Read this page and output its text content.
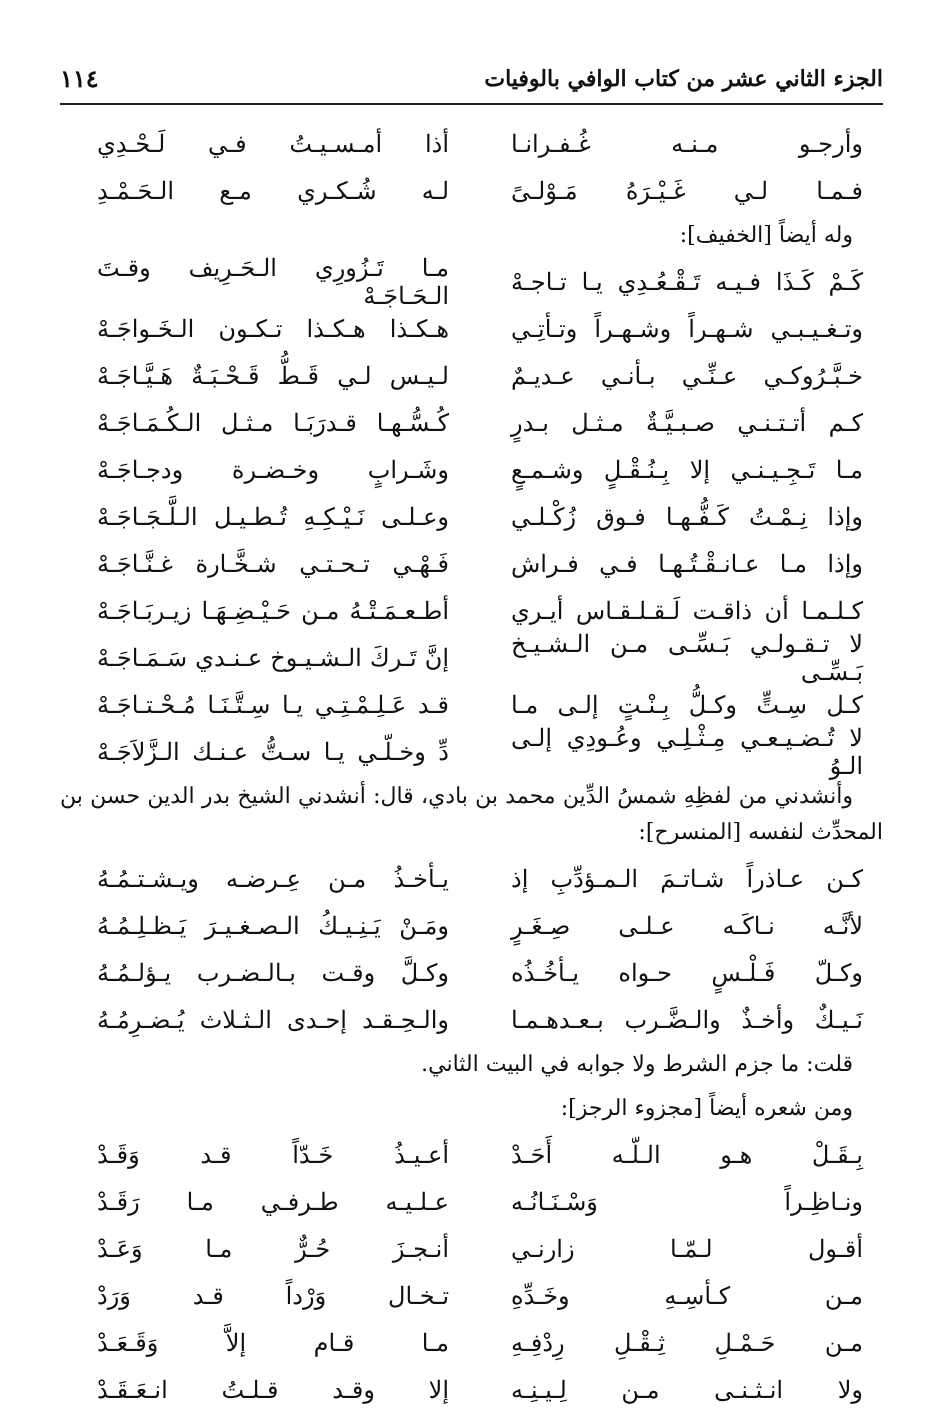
الجزء الثاني عشر من كتاب الوافي بالوفيات
١١٤
وأرجـو مـنـه غُـفـرانـا
أذا أمـسـيـتُ فـي لَـحْـدِي
فـمـا لـي غَـيْـرَهُ مَـوْلـىً
لـه شُـكـري مـع الـحَـمْـدِ
وله أيضاً [الخفيف]:
كَـمْ كَـذَا فـيـه تَـقْـعُـدِي يـا تـاجـهْ
مـا تَـزُورِي الـحَـرِيف وقـتَ الـحَـاجَـهْ
وتـغـيـبـي شـهـراً وشـهـراً وتـأتِـي
هـكـذا هـكـذا تـكـون الـخَـواجَـهْ
خـبَّـرُوكـي عـنِّـي بـأنـي عـديـمٌ
لـيـس لـي قَـطُّ قَـحْـبَـةٌ هَـيَّـاجَـهْ
كـم أتـتـنـي صـبـيَّـةٌ مـثـل بـدرٍ
كُـسُّـهـا قـدرَبَـا مـثـل الـكُـمَـاجَـهْ
مـا تَـجِـيـنـي إلا بِـنُـقْـلٍ وشـمـعٍ
وشَـرابٍ وخـضـرة ودجـاجَـهْ
وإذا نِـمْـتُ كَـفُّـهـا فـوق زُكْـلـي
وعـلـى نَـيْـكِـهِ تُـطـيـل الـلَّـجَـاجَـهْ
وإذا مـا عـانـقْـتُـهـا فـي فـراش
فَـهْـي تـحـتـي شـخَّـارة غـنَّـاجَـهْ
كـلـمـا أن ذاقـت لَـقـلـقـاس أيـري
أطـعـمَـتْـهُ مـن حَـيْـضِـهَـا زيـربَـاجَـهْ
لا تـقـولـي بَـسِّـى مـن الـشـيـخ بَـسِّـى
إنَّ تَـركَ الـشـيـوخ عـنـدي سَـمَـاجَـهْ
كـل سِـتٍّ وكـلُّ بِـنْـتٍ إلـى مـا
قـد عَـلِـمْـتِـي يـا سِـتَّـنَـا مُـحْـتـاجَـهْ
لا تُـضـيـعـي مِـثْـلِـي وعُـودِي إلـى الـوُ
دِّ وخـلّـي يـا سـتُّ عـنـك الـزَّلاَجَـهْ
وأنشدني من لفظِهِ شمسُ الدِّين محمد بن بادي، قال: أنشدني الشيخ بدر الدين حسن بن المحدِّث لنفسه [المنسرح]:
كـن عـاذراً شـاتـمَ الـمـؤدِّبِ إذ
يـأخـذُ مـن عِـرضـه ويـشـتـمُـهُ
لأنَّـه نـاكَـه عـلـى صِـغَـرٍ
ومَـنْ يَـنِـيـكُ الـصـغـيـرَ يَـظـلِـمُـهُ
وكـلّ فَـلْـسٍ حـواه يـأخُـذُه
وكـلَّ وقـت بـالـضـرب يـؤلـمُـهُ
نَـيـكٌ وأخـذٌ والـضَّـرب بـعـدهـمـا
والـحِـقـد إحـدى الـثـلاث يُـضـرِمُـهُ
قلت: ما جزم الشرط ولا جوابه في البيت الثاني.
ومن شعره أيضاً [مجزوء الرجز]:
بِـقَـلْ هـو الـلّـه أَحَـدْ
أعـيـذُ خَـدّاً قـد وَقَـدْ
ونـاظِـراً وَسْـنَـانُـه
عـلـيـه طـرفـي مـا رَقَـدْ
أقـول لـمّـا زارنـي
أنـجـزَ حُـرٌّ مـا وَعَـدْ
مـن كـأسِـهِ وخَـدِّهِ
تـخـال وَرْداً قـد وَرَدْ
مـن حَـمْـلِ ثِـقْـلِ رِدْفِـهِ
مـا قـام إلاَّ وَقَـعَـدْ
ولا انـثـنـى مـن لِـيـنِـه
إلا وقـد قـلـتُ انـعَـقَـدْ
